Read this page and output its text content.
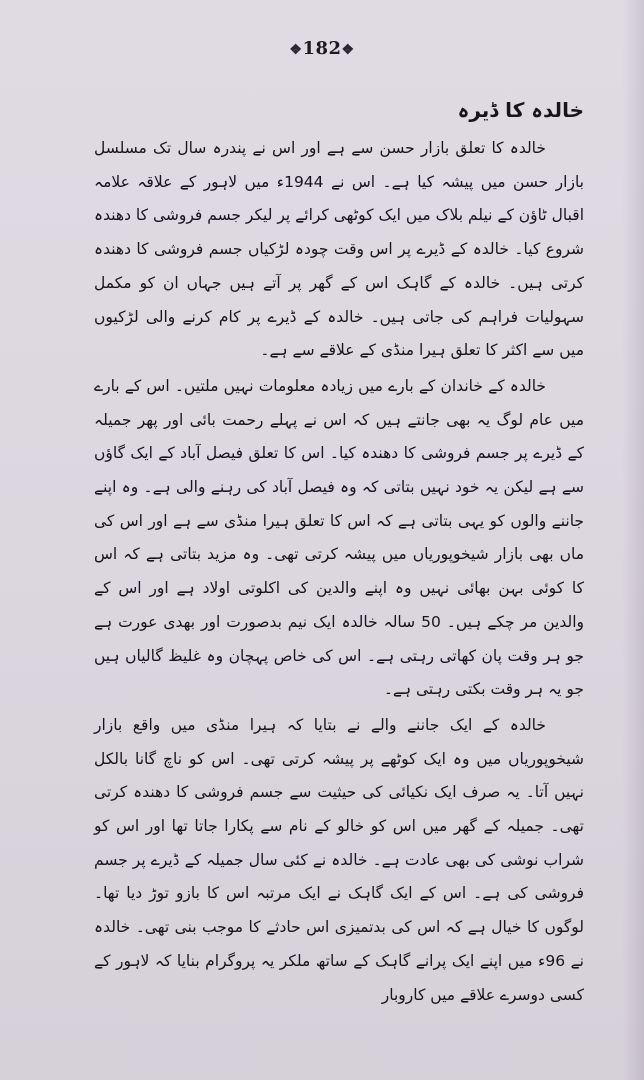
❖182❖
خالدہ کا ڈیرہ

خالدہ کا تعلق بازار حسن سے ہے اور اس نے پندرہ سال تک مسلسل بازار حسن میں پیشہ کیا ہے۔ اس نے 1944ء میں لاہور کے علاقہ علامہ اقبال ٹاؤن کے نیلم بلاک میں ایک کوٹھی کرائے پر لیکر جسم فروشی کا دھندہ شروع کیا۔ خالدہ کے ڈیرے پر اس وقت چودہ لڑکیاں جسم فروشی کا دھندہ کرتی ہیں۔ خالدہ کے گاہک اس کے گھر پر آتے ہیں جہاں ان کو مکمل سہولیات فراہم کی جاتی ہیں۔ خالدہ کے ڈیرے پر کام کرنے والی لڑکیوں میں سے اکثر کا تعلق ہیرا منڈی کے علاقے سے ہے۔

خالدہ کے خاندان کے بارے میں زیادہ معلومات نہیں ملتیں۔ اس کے بارے میں عام لوگ یہ بھی جانتے ہیں کہ اس نے پہلے رحمت بائی اور پھر جمیلہ کے ڈیرے پر جسم فروشی کا دھندہ کیا۔ اس کا تعلق فیصل آباد کے ایک گاؤں سے ہے لیکن یہ خود نہیں بتاتی کہ وہ فیصل آباد کی رہنے والی ہے۔ وہ اپنے جاننے والوں کو یہی بتاتی ہے کہ اس کا تعلق ہیرا منڈی سے ہے اور اس کی ماں بھی بازار شیخوپوریاں میں پیشہ کرتی تھی۔ وہ مزید بتاتی ہے کہ اس کا کوئی بہن بھائی نہیں وہ اپنے والدین کی اکلوتی اولاد ہے اور اس کے والدین مر چکے ہیں۔ 50 سالہ خالدہ ایک نیم بدصورت اور بھدی عورت ہے جو ہر وقت پان کھاتی رہتی ہے۔ اس کی خاص پہچان وہ غلیظ گالیاں ہیں جو یہ ہر وقت بکتی رہتی ہے۔

خالدہ کے ایک جاننے والے نے بتایا کہ ہیرا منڈی میں واقع بازار شیخوپوریاں میں وہ ایک کوٹھے پر پیشہ کرتی تھی۔ اس کو ناچ گانا بالکل نہیں آتا۔ یہ صرف ایک نکیائی کی حیثیت سے جسم فروشی کا دھندہ کرتی تھی۔ جمیلہ کے گھر میں اس کو خالو کے نام سے پکارا جاتا تھا اور اس کو شراب نوشی کی بھی عادت ہے۔ خالدہ نے کئی سال جمیلہ کے ڈیرے پر جسم فروشی کی ہے۔ اس کے ایک گاہک نے ایک مرتبہ اس کا بازو توڑ دیا تھا۔ لوگوں کا خیال ہے کہ اس کی بدتمیزی اس حادثے کا موجب بنی تھی۔ خالدہ نے 96ء میں اپنے ایک پرانے گاہک کے ساتھ ملکر یہ پروگرام بنایا کہ لاہور کے کسی دوسرے علاقے میں کاروبار
